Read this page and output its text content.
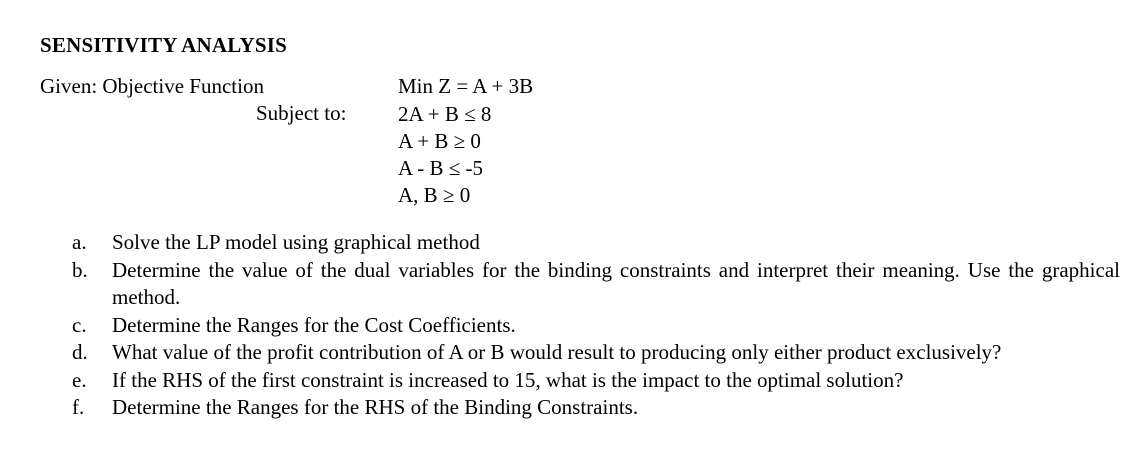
SENSITIVITY ANALYSIS
Given: Objective Function
Subject to:
Min Z = A + 3B
2A + B ≤ 8
A + B ≥ 0
A - B ≤ -5
A, B ≥ 0
a.	Solve the LP model using graphical method
b.	Determine the value of the dual variables for the binding constraints and interpret their meaning. Use the graphical method.
c.	Determine the Ranges for the Cost Coefficients.
d.	What value of the profit contribution of A or B would result to producing only either product exclusively?
e.	If the RHS of the first constraint is increased to 15, what is the impact to the optimal solution?
f.	Determine the Ranges for the RHS of the Binding Constraints.
